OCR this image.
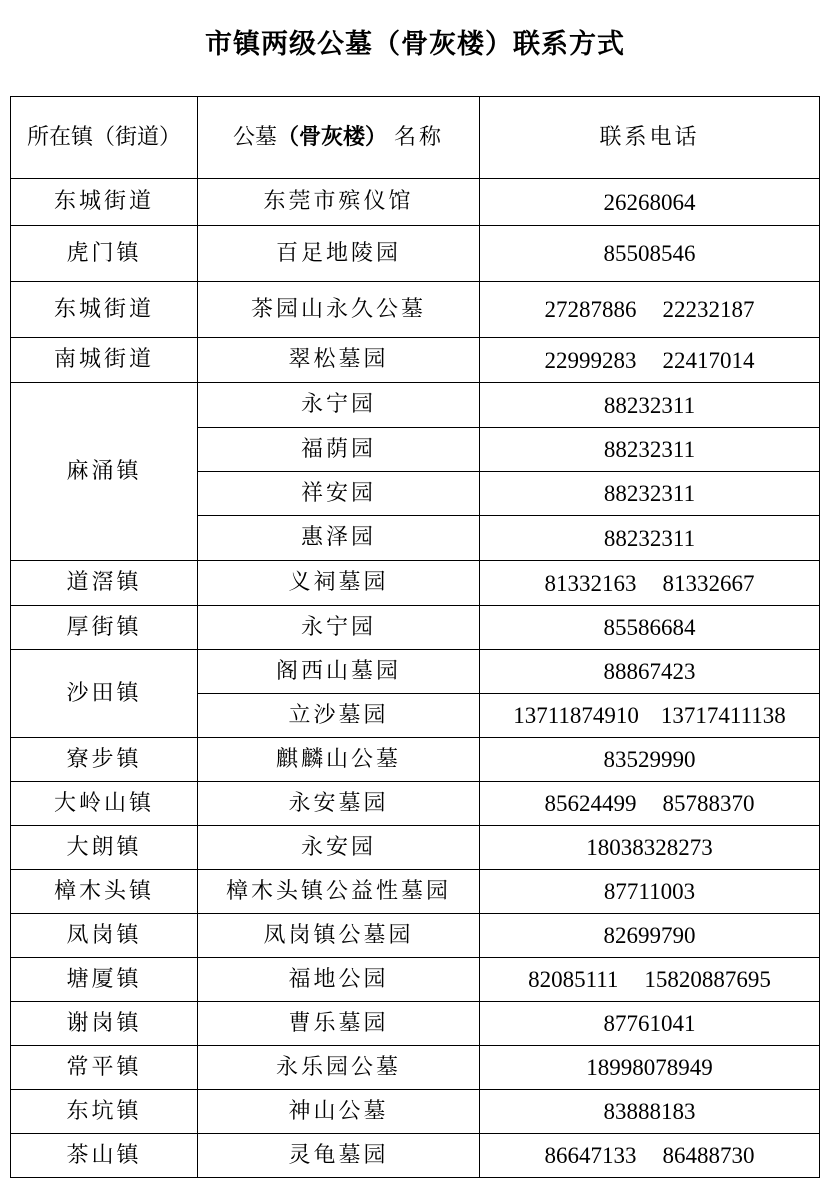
市镇两级公墓（骨灰楼）联系方式
所在镇（街道）	公墓（骨灰楼） 名称	联系电话
东城街道	东莞市殡仪馆	26268064
虎门镇	百足地陵园	85508546
东城街道	茶园山永久公墓	27287886 22232187
南城街道	翠松墓园	22999283 22417014
麻涌镇	永宁园	88232311
	福荫园	88232311
	祥安园	88232311
	惠泽园	88232311
道滘镇	义祠墓园	81332163 81332667
厚街镇	永宁园	85586684
沙田镇	阁西山墓园	88867423
	立沙墓园	13711874910 13717411138
寮步镇	麒麟山公墓	83529990
大岭山镇	永安墓园	85624499 85788370
大朗镇	永安园	18038328273
樟木头镇	樟木头镇公益性墓园	87711003
凤岗镇	凤岗镇公墓园	82699790
塘厦镇	福地公园	82085111 15820887695
谢岗镇	曹乐墓园	87761041
常平镇	永乐园公墓	18998078949
东坑镇	神山公墓	83888183
茶山镇	灵龟墓园	86647133 86488730
